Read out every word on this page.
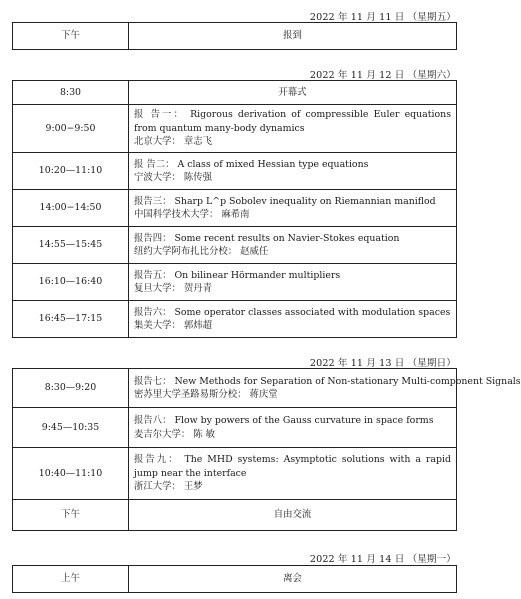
2022 年 11 月 11 日 （星期五）
下午	报到
2022 年 11 月 12 日 （星期六）
8:30	开幕式
9:00−9:50	报 告一： Rigorous derivation of compressible Euler equations from quantum many-body dynamics
北京大学： 章志飞

10:20—11:10	报 告二： A class of mixed Hessian type equations
宁波大学： 陈传强

14:00−14:50	报告三： Sharp L^p Sobolev inequality on Riemannian maniflod
中国科学技术大学： 麻希南

14:55—15:45	报告四： Some recent results on Navier-Stokes equation
纽约大学阿布扎比分校： 赵威任

16:10—16:40	报告五： On bilinear Hörmander multipliers
复旦大学： 贺丹青

16:45—17:15	报告六： Some operator classes associated with modulation spaces
集美大学： 郭炜超
2022 年 11 月 13 日 （星期日）
8:30—9:20	报告七： New Methods for Separation of Non-stationary Multi-component Signals
密苏里大学圣路易斯分校： 蒋庆堂

9:45—10:35	报告八： Flow by powers of the Gauss curvature in space forms
麦吉尔大学： 陈 敏

10:40—11:10	报告九： The MHD systems: Asymptotic solutions with a rapid jump near the interface
浙江大学： 王梦

下午	自由交流
2022 年 11 月 14 日 （星期一）
上午	离会
